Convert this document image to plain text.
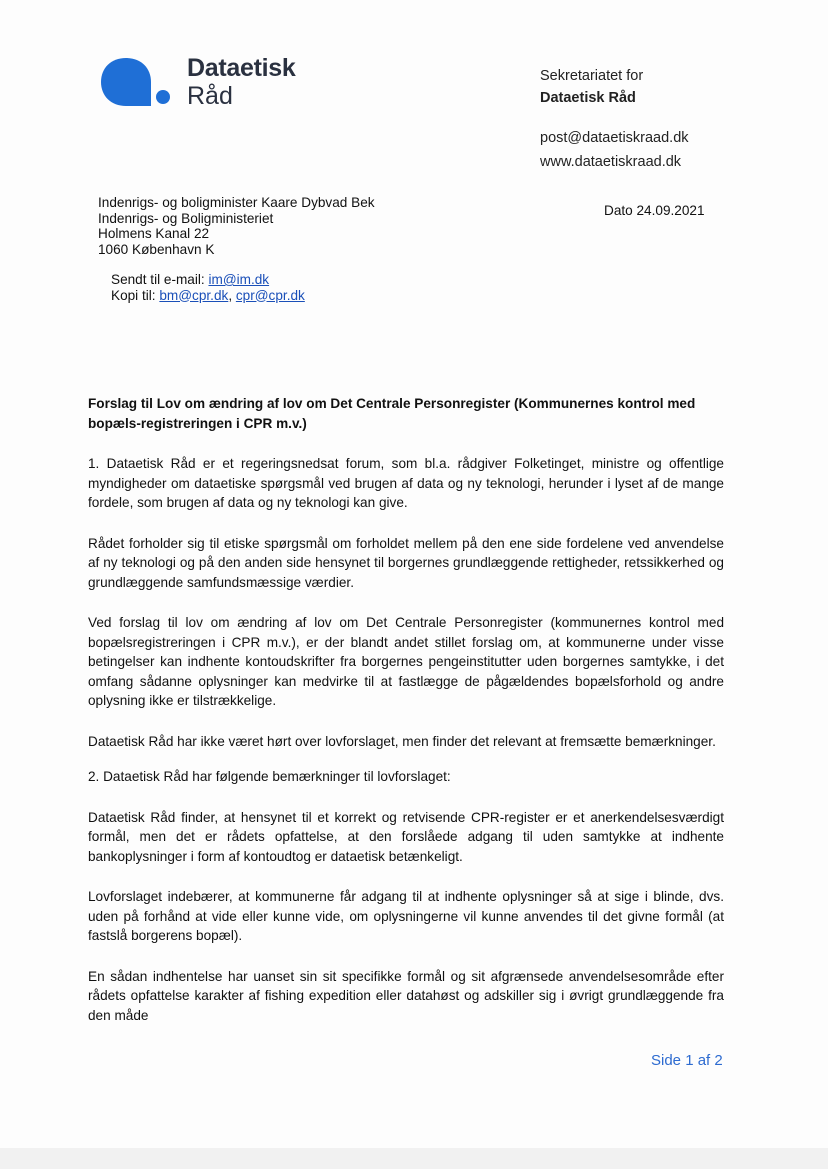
Dataetisk
Råd
Sekretariatet for
Dataetisk Råd
post@dataetiskraad.dk
www.dataetiskraad.dk
Indenrigs- og boligminister Kaare Dybvad Bek
Indenrigs- og Boligministeriet
Holmens Kanal 22
1060 København K
Dato 24.09.2021
Sendt til e-mail: im@im.dk
Kopi til: bm@cpr.dk, cpr@cpr.dk
Forslag til Lov om ændring af lov om Det Centrale Personregister (Kommunernes kontrol med bopæls-registreringen i CPR m.v.)

1. Dataetisk Råd er et regeringsnedsat forum, som bl.a. rådgiver Folketinget, ministre og offentlige myndigheder om dataetiske spørgsmål ved brugen af data og ny teknologi, herunder i lyset af de mange fordele, som brugen af data og ny teknologi kan give.

Rådet forholder sig til etiske spørgsmål om forholdet mellem på den ene side fordelene ved anvendelse af ny teknologi og på den anden side hensynet til borgernes grundlæggende rettigheder, retssikkerhed og grundlæggende samfundsmæssige værdier.

Ved forslag til lov om ændring af lov om Det Centrale Personregister (kommunernes kontrol med bopælsregistreringen i CPR m.v.), er der blandt andet stillet forslag om, at kommunerne under visse betingelser kan indhente kontoudskrifter fra borgernes pengeinstitutter uden borgernes samtykke, i det omfang sådanne oplysninger kan medvirke til at fastlægge de pågældendes bopælsforhold og andre oplysning ikke er tilstrækkelige.

Dataetisk Råd har ikke været hørt over lovforslaget, men finder det relevant at fremsætte bemærkninger.

2. Dataetisk Råd har følgende bemærkninger til lovforslaget:

Dataetisk Råd finder, at hensynet til et korrekt og retvisende CPR-register er et anerkendelsesværdigt formål, men det er rådets opfattelse, at den forslåede adgang til uden samtykke at indhente bankoplysninger i form af kontoudtog er dataetisk betænkeligt.

Lovforslaget indebærer, at kommunerne får adgang til at indhente oplysninger så at sige i blinde, dvs. uden på forhånd at vide eller kunne vide, om oplysningerne vil kunne anvendes til det givne formål (at fastslå borgerens bopæl).

En sådan indhentelse har uanset sin sit specifikke formål og sit afgrænsede anvendelsesområde efter rådets opfattelse karakter af fishing expedition eller datahøst og adskiller sig i øvrigt grundlæggende fra den måde

Side 1 af 2
